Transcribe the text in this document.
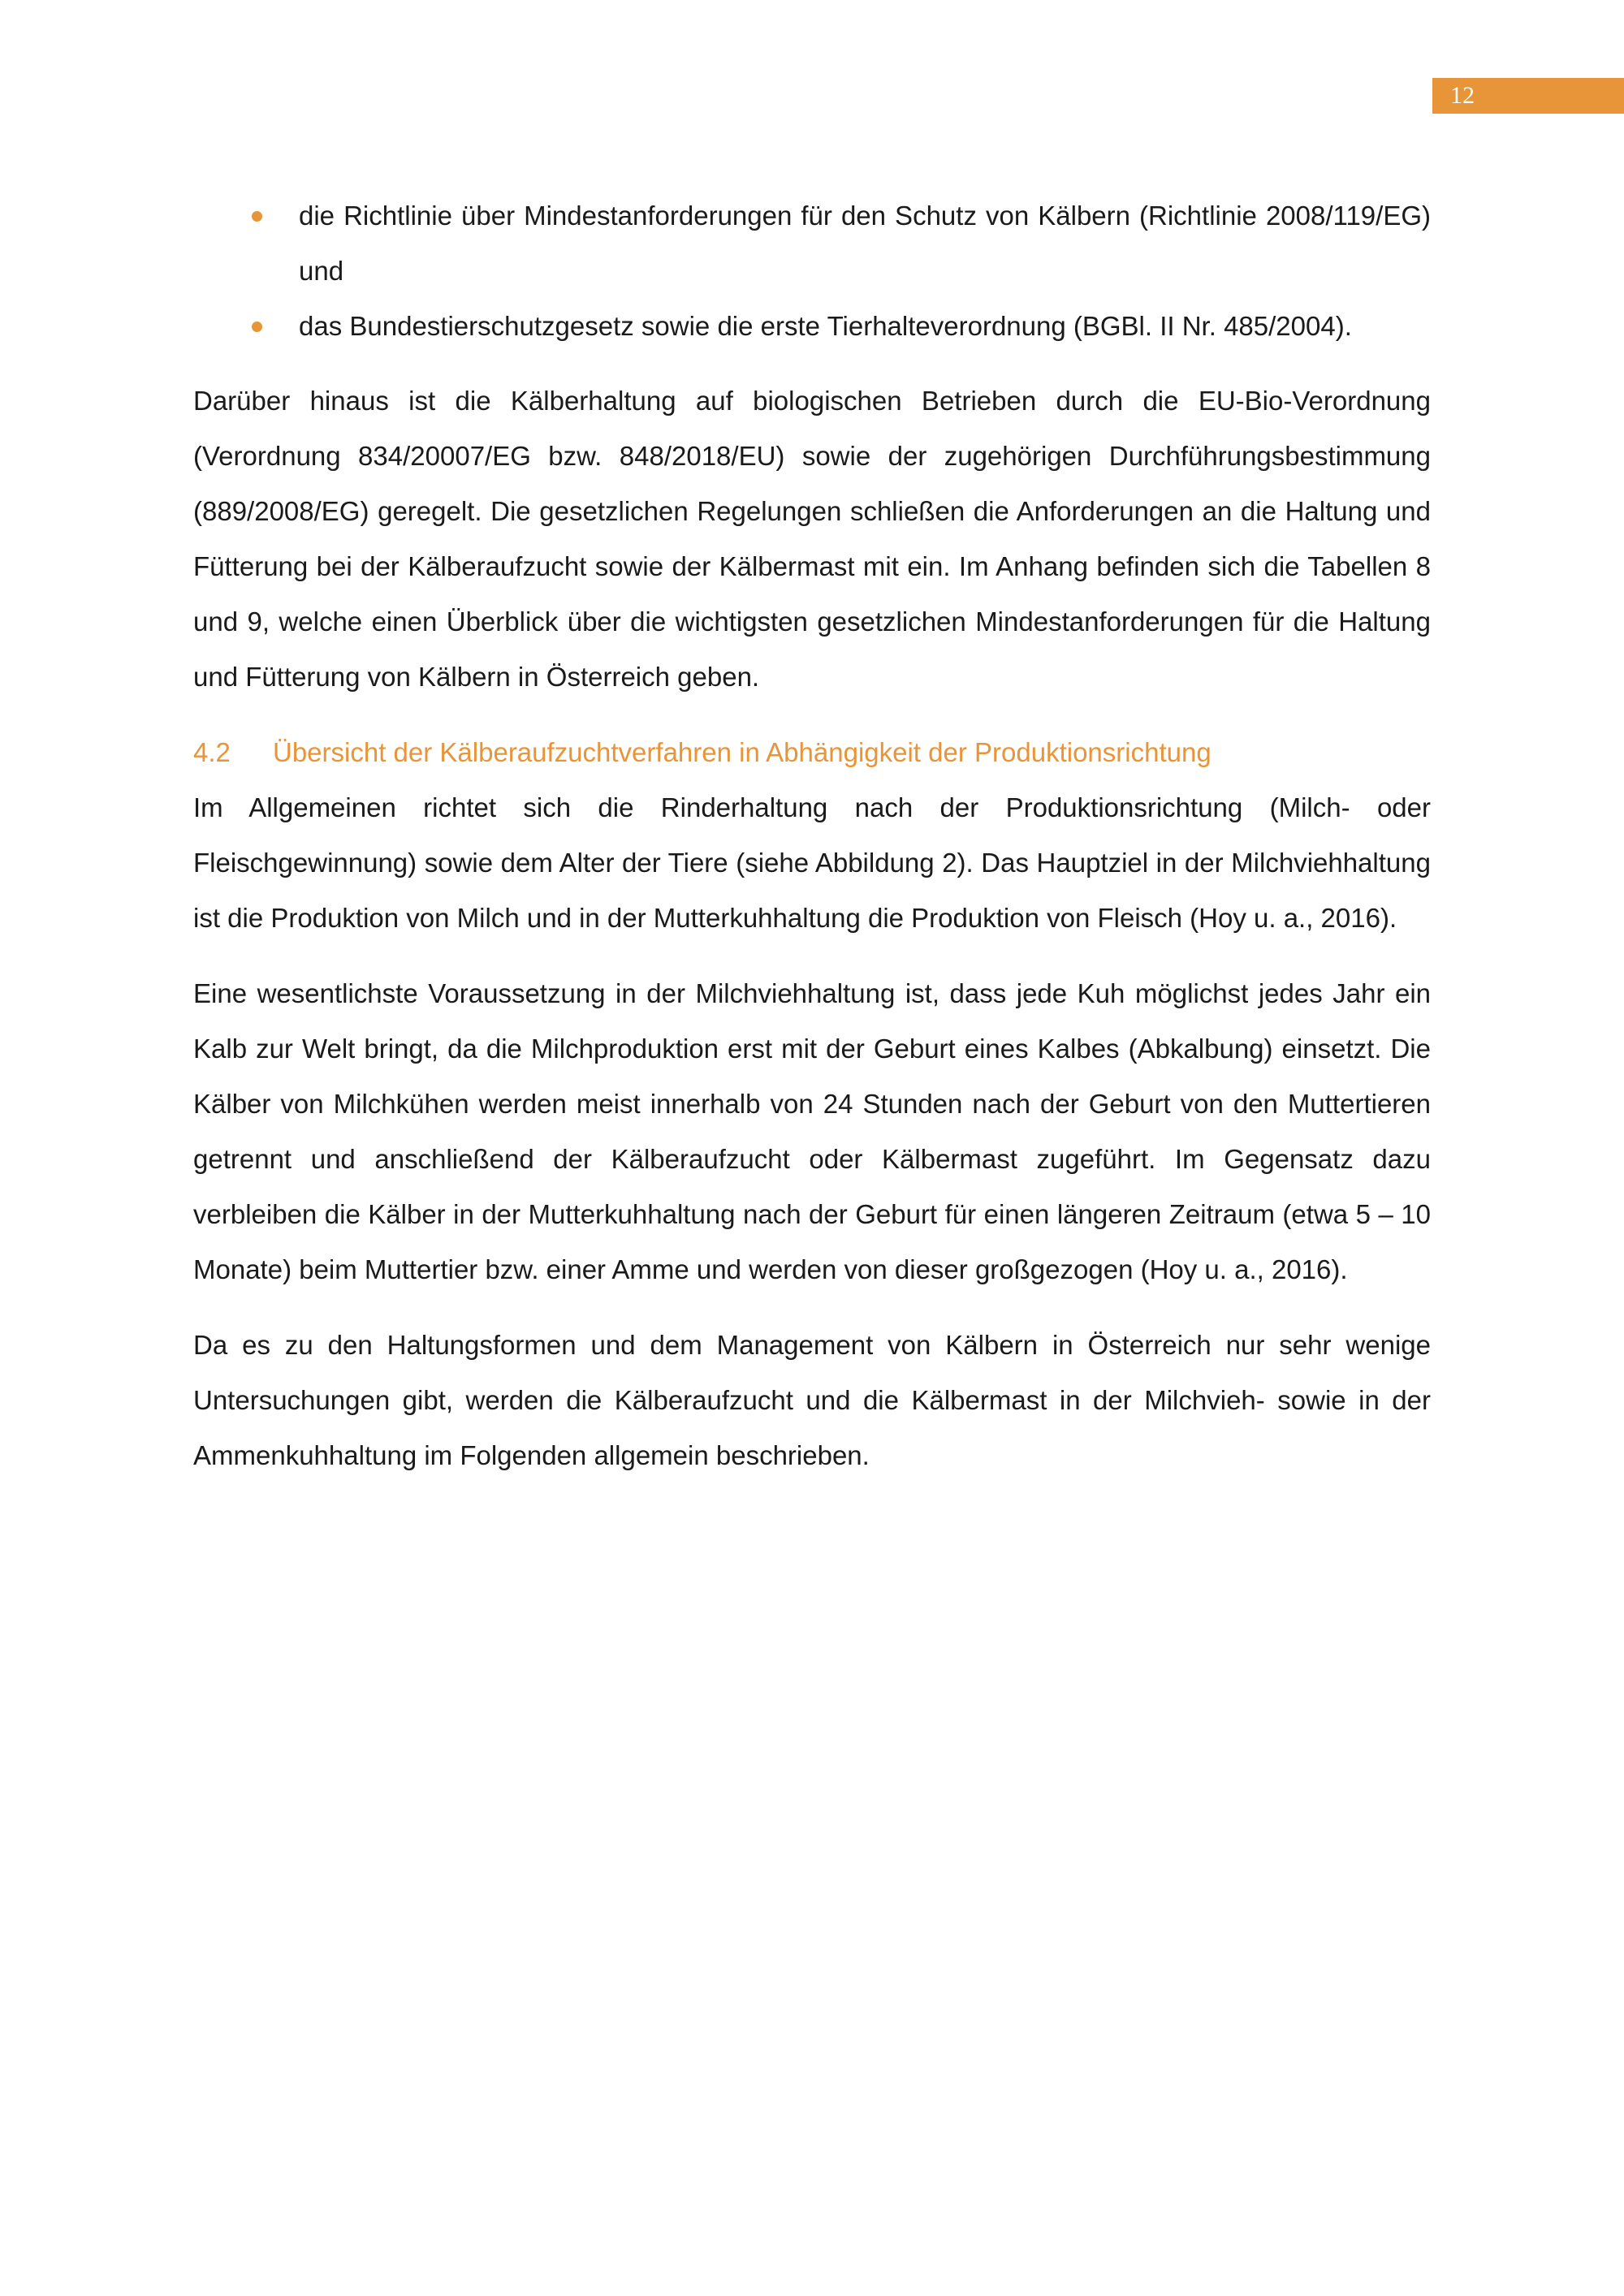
12
die Richtlinie über Mindestanforderungen für den Schutz von Kälbern (Richtlinie 2008/119/EG) und
das Bundestierschutzgesetz sowie die erste Tierhalteverordnung (BGBl. II Nr. 485/2004).

Darüber hinaus ist die Kälberhaltung auf biologischen Betrieben durch die EU-Bio-Verordnung (Verordnung 834/20007/EG bzw. 848/2018/EU) sowie der zugehörigen Durchführungsbestimmung (889/2008/EG) geregelt. Die gesetzlichen Regelungen schließen die Anforderungen an die Haltung und Fütterung bei der Kälberaufzucht sowie der Kälbermast mit ein. Im Anhang befinden sich die Tabellen 8 und 9, welche einen Überblick über die wichtigsten gesetzlichen Mindestanforderungen für die Haltung und Fütterung von Kälbern in Österreich geben.

4.2 Übersicht der Kälberaufzuchtverfahren in Abhängigkeit der Produktionsrichtung

Im Allgemeinen richtet sich die Rinderhaltung nach der Produktionsrichtung (Milch- oder Fleischgewinnung) sowie dem Alter der Tiere (siehe Abbildung 2). Das Hauptziel in der Milchviehhaltung ist die Produktion von Milch und in der Mutterkuhhaltung die Produktion von Fleisch (Hoy u. a., 2016).

Eine wesentlichste Voraussetzung in der Milchviehhaltung ist, dass jede Kuh möglichst jedes Jahr ein Kalb zur Welt bringt, da die Milchproduktion erst mit der Geburt eines Kalbes (Abkalbung) einsetzt. Die Kälber von Milchkühen werden meist innerhalb von 24 Stunden nach der Geburt von den Muttertieren getrennt und anschließend der Kälberaufzucht oder Kälbermast zugeführt. Im Gegensatz dazu verbleiben die Kälber in der Mutterkuhhaltung nach der Geburt für einen längeren Zeitraum (etwa 5 – 10 Monate) beim Muttertier bzw. einer Amme und werden von dieser großgezogen (Hoy u. a., 2016).

Da es zu den Haltungsformen und dem Management von Kälbern in Österreich nur sehr wenige Untersuchungen gibt, werden die Kälberaufzucht und die Kälbermast in der Milchvieh- sowie in der Ammenkuhhaltung im Folgenden allgemein beschrieben.
